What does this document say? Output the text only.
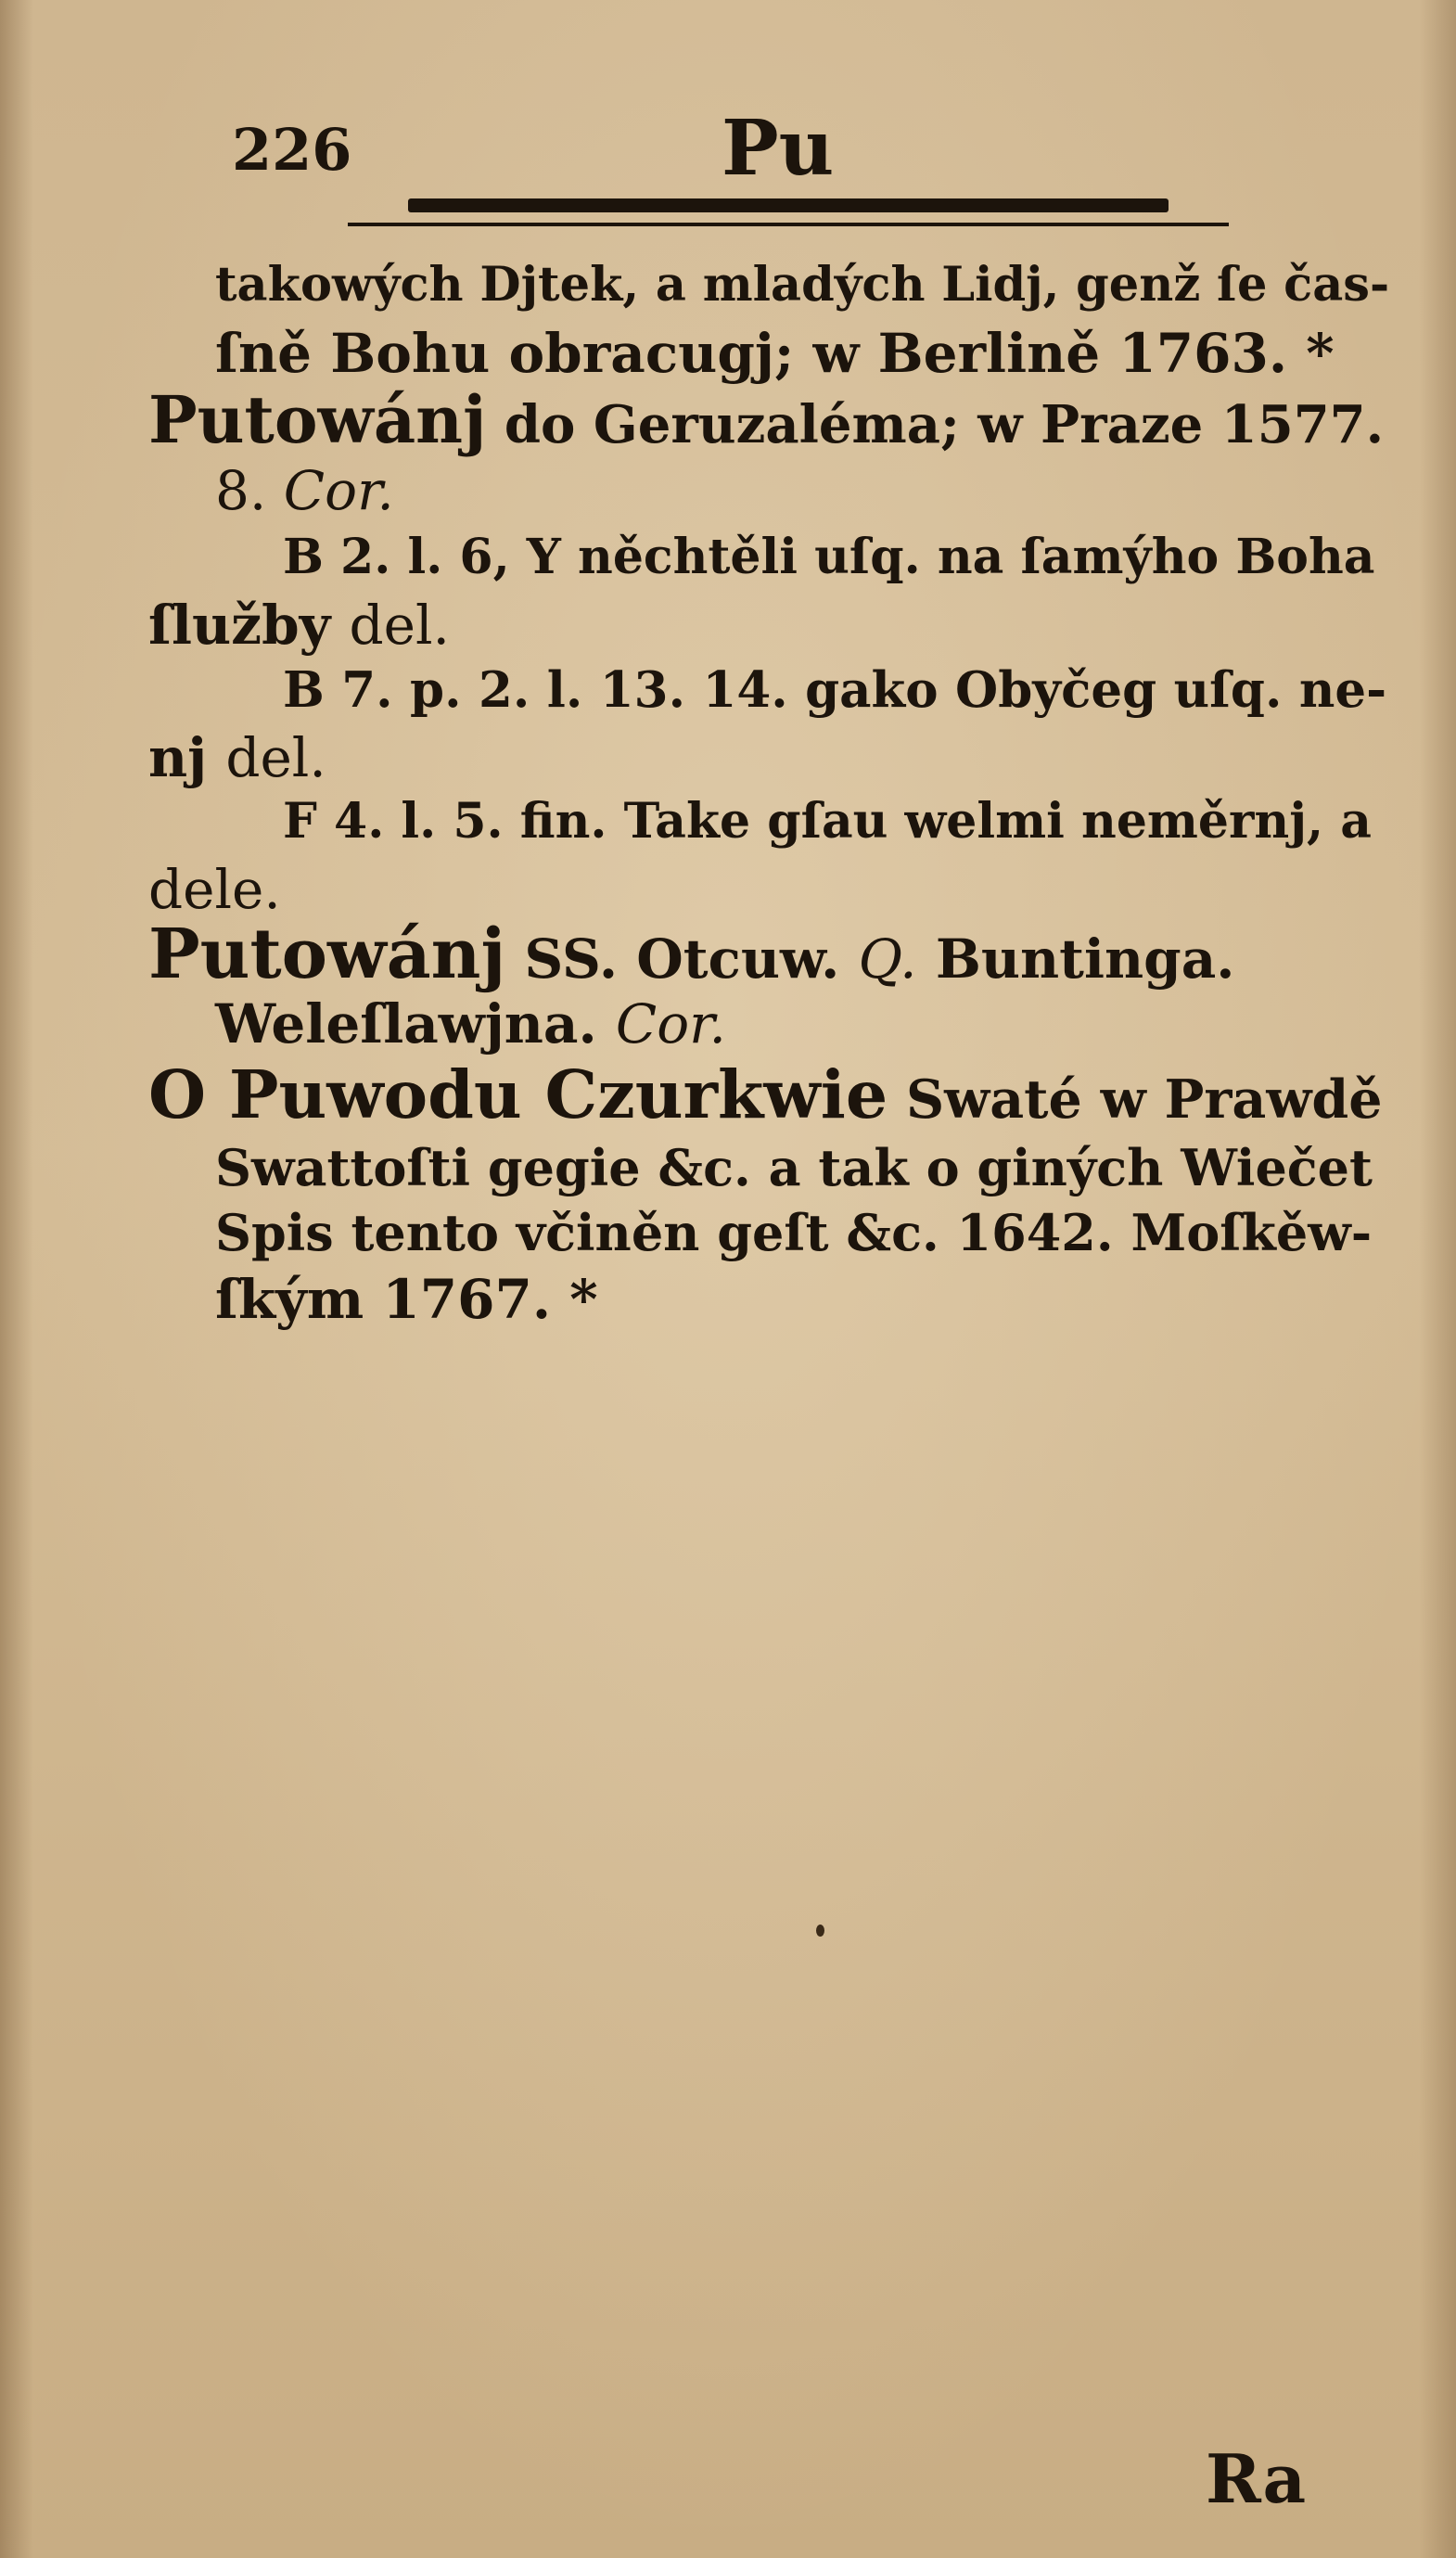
226	Pu
takowých Djtek, a mladých Lidj, genž ſe čas-
ſně Bohu obracugj; w Berlině 1763. *
Putowánj do Geruzaléma; w Praze 1577.
8. Cor.
B 2. l. 6, Y něchtěli uſq. na ſamýho Boha
ſlužby del.
B 7. p. 2. l. 13. 14. gako Obyčeg uſq. ne-
nj del.
F 4. l. 5. fin. Take gſau welmi neměrnj, a
dele.
Putowánj SS. Otcuw. Q. Buntinga.
Weleſlawjna. Cor.
O Puwodu Czurkwie Swaté w Prawdě
Swattoſti gegie &c. a tak o giných Wiečet
Spis tento včiněn geſt &c. 1642. Moſkěw-
ſkým 1767. *
Ra
